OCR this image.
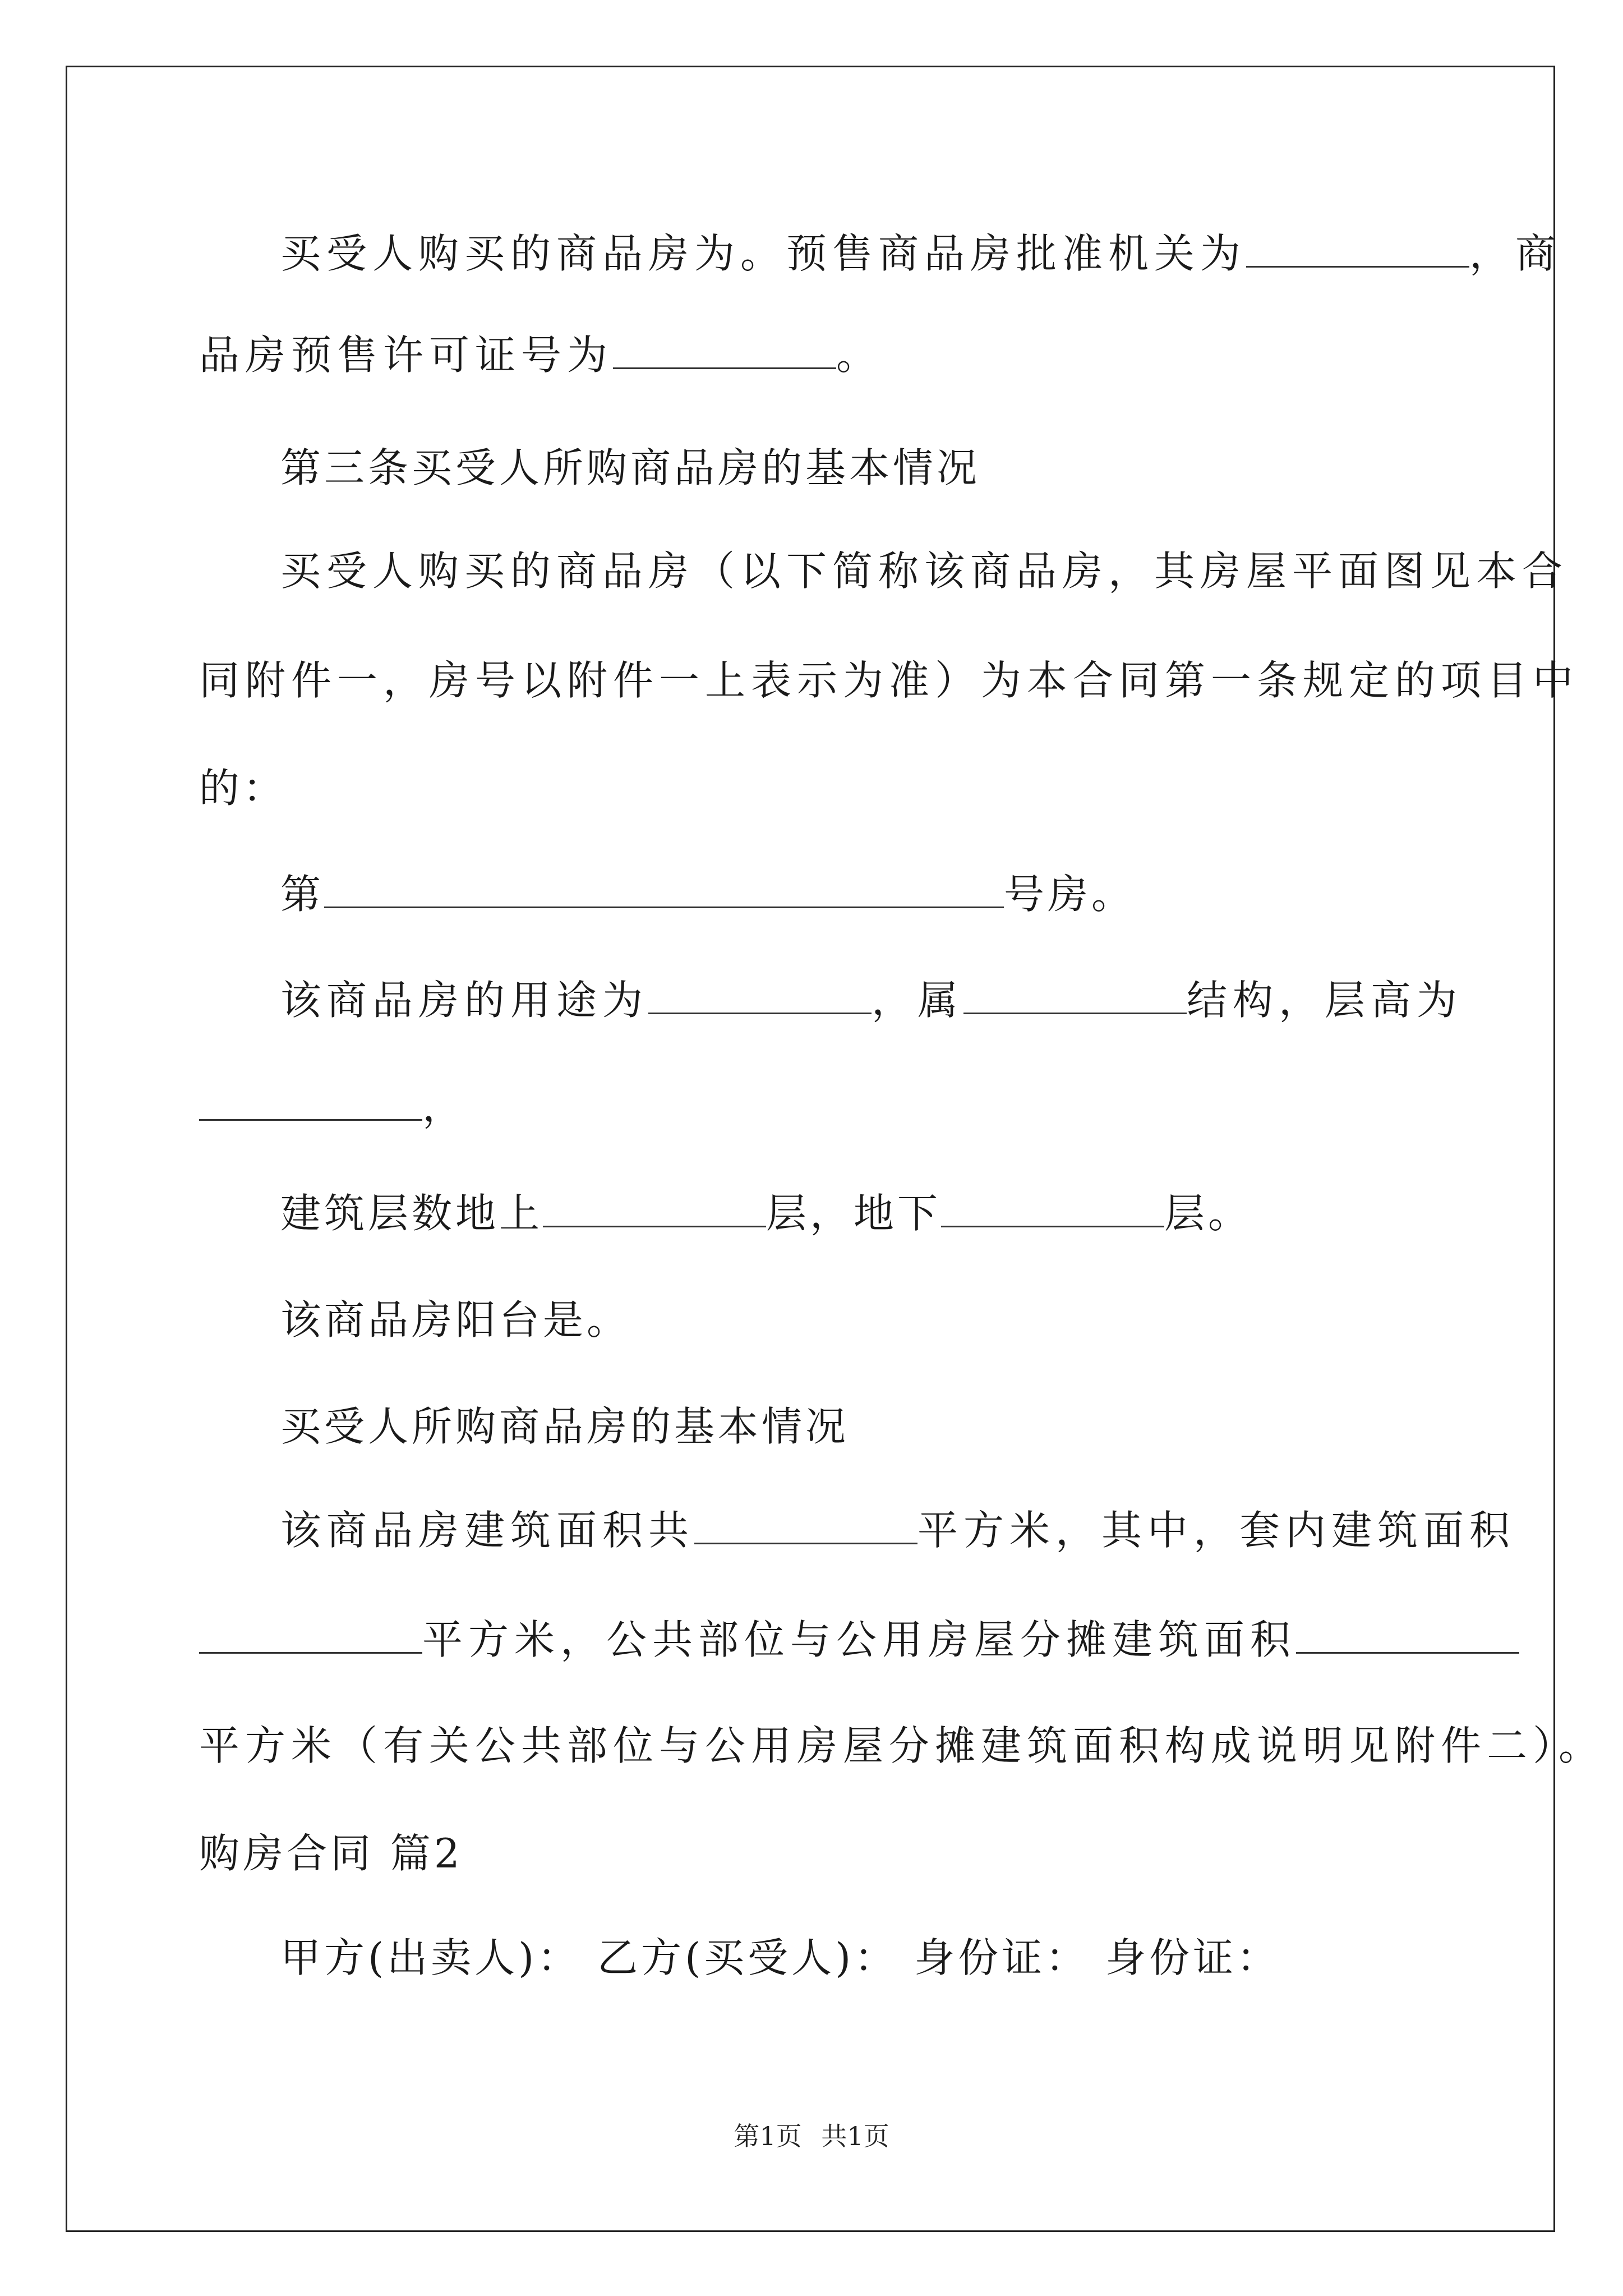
买受人购买的商品房为。预售商品房批准机关为	，商
品房预售许可证号为	。
第三条买受人所购商品房的基本情况
买受人购买的商品房（以下简称该商品房，其房屋平面图见本合
同附件一，房号以附件一上表示为准）为本合同第一条规定的项目中
的：
第	号房。
该商品房的用途为	，属	结构，层高为
，
建筑层数地上	层，地下	层。
该商品房阳台是。
买受人所购商品房的基本情况
该商品房建筑面积共	平方米，其中，套内建筑面积
平方米，公共部位与公用房屋分摊建筑面积
平方米（有关公共部位与公用房屋分摊建筑面积构成说明见附件二）。
购房合同 篇2
甲方(出卖人)： 乙方(买受人)： 身份证： 身份证：
第1页 共1页
